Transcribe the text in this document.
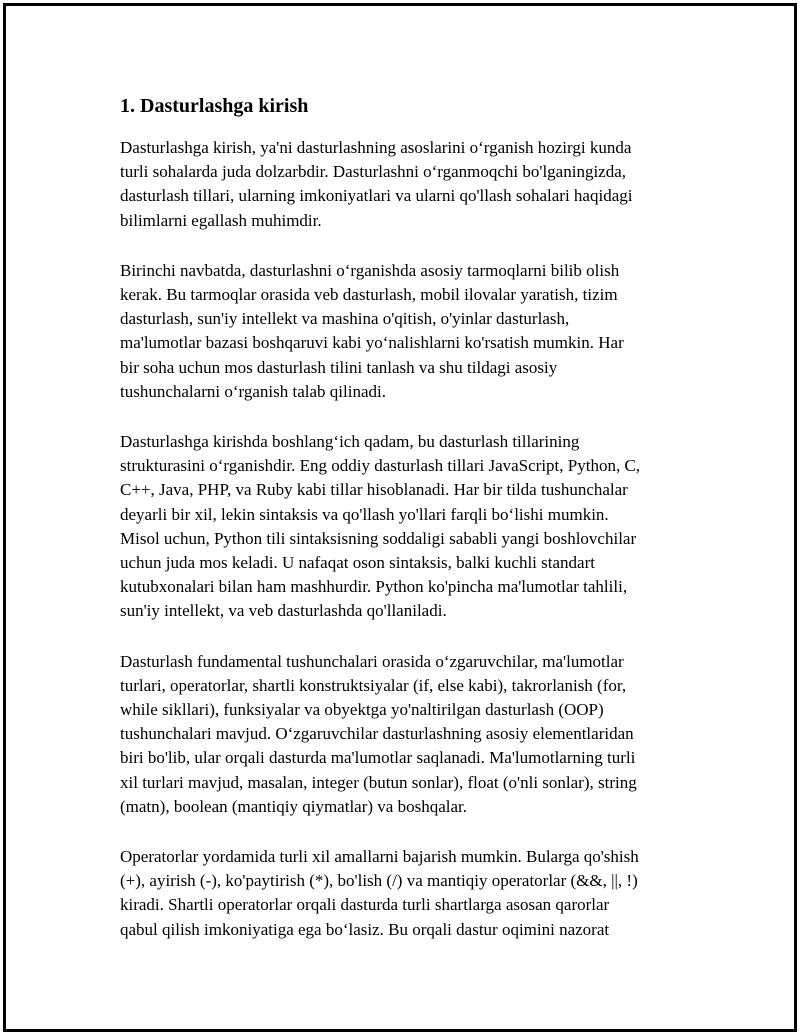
1. Dasturlashga kirish

Dasturlashga kirish, ya'ni dasturlashning asoslarini o‘rganish hozirgi kunda
turli sohalarda juda dolzarbdir. Dasturlashni o‘rganmoqchi bo'lganingizda,
dasturlash tillari, ularning imkoniyatlari va ularni qo'llash sohalari haqidagi
bilimlarni egallash muhimdir.

Birinchi navbatda, dasturlashni o‘rganishda asosiy tarmoqlarni bilib olish
kerak. Bu tarmoqlar orasida veb dasturlash, mobil ilovalar yaratish, tizim
dasturlash, sun'iy intellekt va mashina o'qitish, o'yinlar dasturlash,
ma'lumotlar bazasi boshqaruvi kabi yo‘nalishlarni ko'rsatish mumkin. Har
bir soha uchun mos dasturlash tilini tanlash va shu tildagi asosiy
tushunchalarni o‘rganish talab qilinadi.

Dasturlashga kirishda boshlang‘ich qadam, bu dasturlash tillarining
strukturasini o‘rganishdir. Eng oddiy dasturlash tillari JavaScript, Python, C,
C++, Java, PHP, va Ruby kabi tillar hisoblanadi. Har bir tilda tushunchalar
deyarli bir xil, lekin sintaksis va qo'llash yo'llari farqli bo‘lishi mumkin.
Misol uchun, Python tili sintaksisning soddaligi sababli yangi boshlovchilar
uchun juda mos keladi. U nafaqat oson sintaksis, balki kuchli standart
kutubxonalari bilan ham mashhurdir. Python ko'pincha ma'lumotlar tahlili,
sun'iy intellekt, va veb dasturlashda qo'llaniladi.

Dasturlash fundamental tushunchalari orasida o‘zgaruvchilar, ma'lumotlar
turlari, operatorlar, shartli konstruktsiyalar (if, else kabi), takrorlanish (for,
while sikllari), funksiyalar va obyektga yo'naltirilgan dasturlash (OOP)
tushunchalari mavjud. O‘zgaruvchilar dasturlashning asosiy elementlaridan
biri bo'lib, ular orqali dasturda ma'lumotlar saqlanadi. Ma'lumotlarning turli
xil turlari mavjud, masalan, integer (butun sonlar), float (o'nli sonlar), string
(matn), boolean (mantiqiy qiymatlar) va boshqalar.

Operatorlar yordamida turli xil amallarni bajarish mumkin. Bularga qo'shish
(+), ayirish (-), ko'paytirish (*), bo'lish (/) va mantiqiy operatorlar (&&, ||, !)
kiradi. Shartli operatorlar orqali dasturda turli shartlarga asosan qarorlar
qabul qilish imkoniyatiga ega bo‘lasiz. Bu orqali dastur oqimini nazorat
